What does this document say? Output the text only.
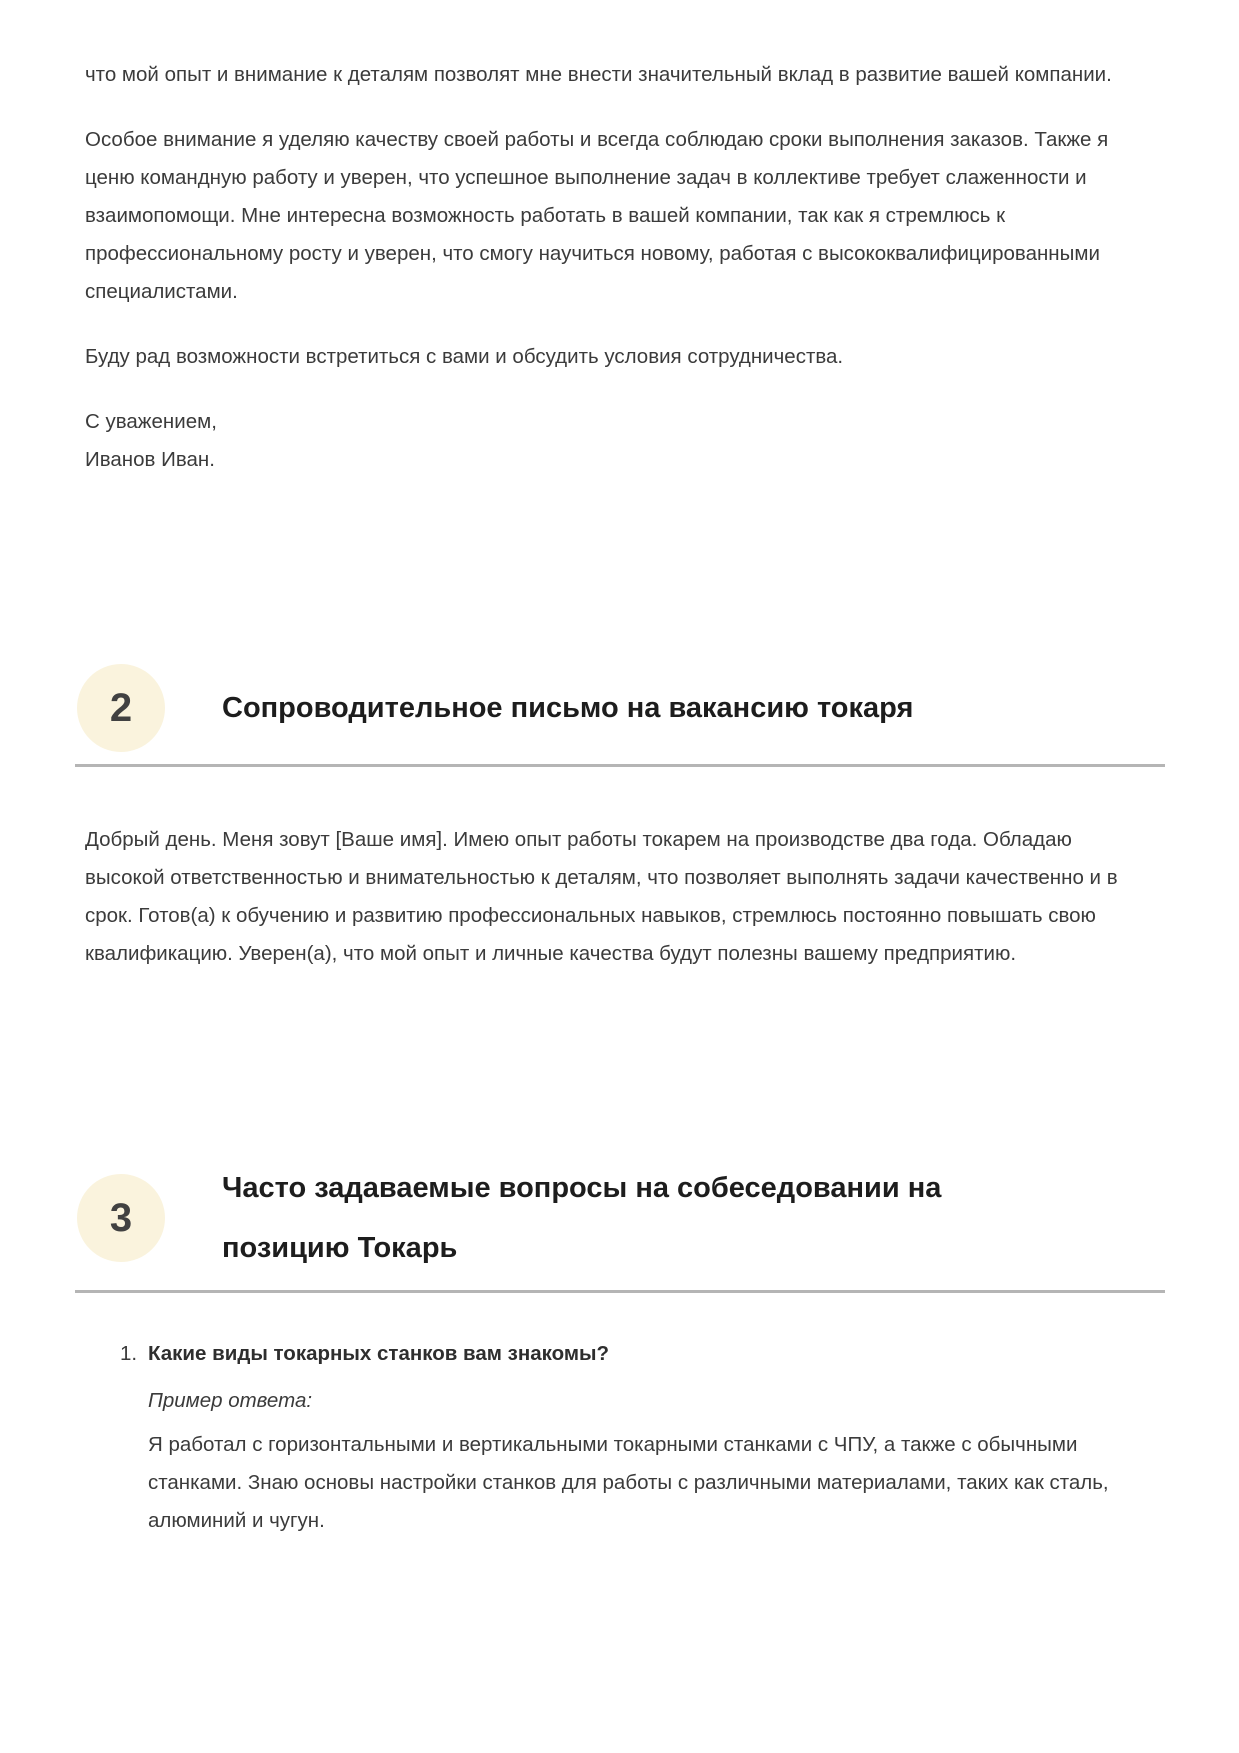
что мой опыт и внимание к деталям позволят мне внести значительный вклад в развитие вашей компании.

Особое внимание я уделяю качеству своей работы и всегда соблюдаю сроки выполнения заказов. Также я ценю командную работу и уверен, что успешное выполнение задач в коллективе требует слаженности и взаимопомощи. Мне интересна возможность работать в вашей компании, так как я стремлюсь к профессиональному росту и уверен, что смогу научиться новому, работая с высококвалифицированными специалистами.

Буду рад возможности встретиться с вами и обсудить условия сотрудничества.

С уважением,
Иванов Иван.

2	Сопроводительное письмо на вакансию токаря

Добрый день. Меня зовут [Ваше имя]. Имею опыт работы токарем на производстве два года. Обладаю высокой ответственностью и внимательностью к деталям, что позволяет выполнять задачи качественно и в срок. Готов(а) к обучению и развитию профессиональных навыков, стремлюсь постоянно повышать свою квалификацию. Уверен(а), что мой опыт и личные качества будут полезны вашему предприятию.

3
Часто задаваемые вопросы на собеседовании на позицию Токарь
1. Какие виды токарных станков вам знакомы?
Пример ответа:
Я работал с горизонтальными и вертикальными токарными станками с ЧПУ, а также с обычными станками. Знаю основы настройки станков для работы с различными материалами, таких как сталь, алюминий и чугун.
